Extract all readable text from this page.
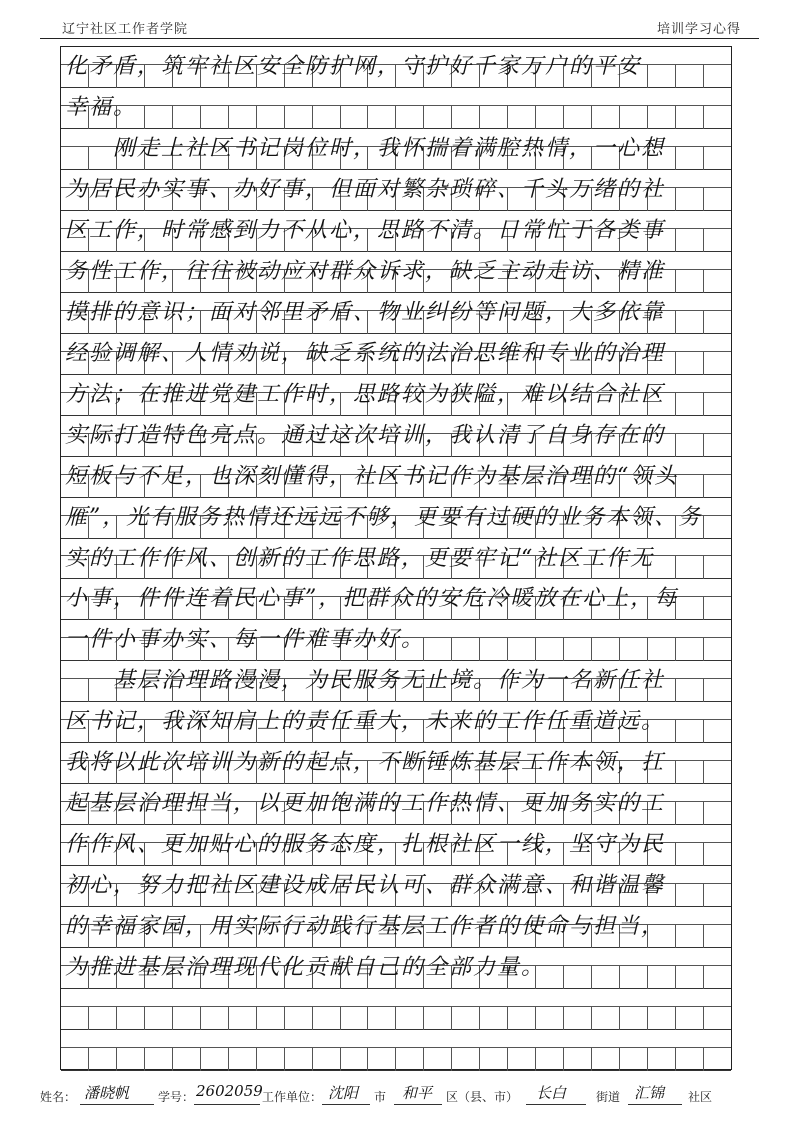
辽宁社区工作者学院	培训学习心得
化矛盾，筑牢社区安全防护网，守护好千家万户的平安
幸福。
　　刚走上社区书记岗位时，我怀揣着满腔热情，一心想
为居民办实事、办好事，但面对繁杂琐碎、千头万绪的社
区工作，时常感到力不从心，思路不清。日常忙于各类事
务性工作，往往被动应对群众诉求，缺乏主动走访、精准
摸排的意识；面对邻里矛盾、物业纠纷等问题，大多依靠
经验调解、人情劝说，缺乏系统的法治思维和专业的治理
方法；在推进党建工作时，思路较为狭隘，难以结合社区
实际打造特色亮点。通过这次培训，我认清了自身存在的
短板与不足，也深刻懂得，社区书记作为基层治理的“领头
雁”，光有服务热情还远远不够，更要有过硬的业务本领、务
实的工作作风、创新的工作思路，更要牢记“社区工作无
小事，件件连着民心事”，把群众的安危冷暖放在心上，每
一件小事办实、每一件难事办好。
　　基层治理路漫漫，为民服务无止境。作为一名新任社
区书记，我深知肩上的责任重大，未来的工作任重道远。
我将以此次培训为新的起点，不断锤炼基层工作本领，扛
起基层治理担当，以更加饱满的工作热情、更加务实的工
作作风、更加贴心的服务态度，扎根社区一线，坚守为民
初心，努力把社区建设成居民认可、群众满意、和谐温馨
的幸福家园，用实际行动践行基层工作者的使命与担当，
为推进基层治理现代化贡献自己的全部力量。
姓名： 潘晓帆 学号： 2602059 工作单位： 沈阳 市 和平 区（县、市） 长白 街道 汇锦 社区
